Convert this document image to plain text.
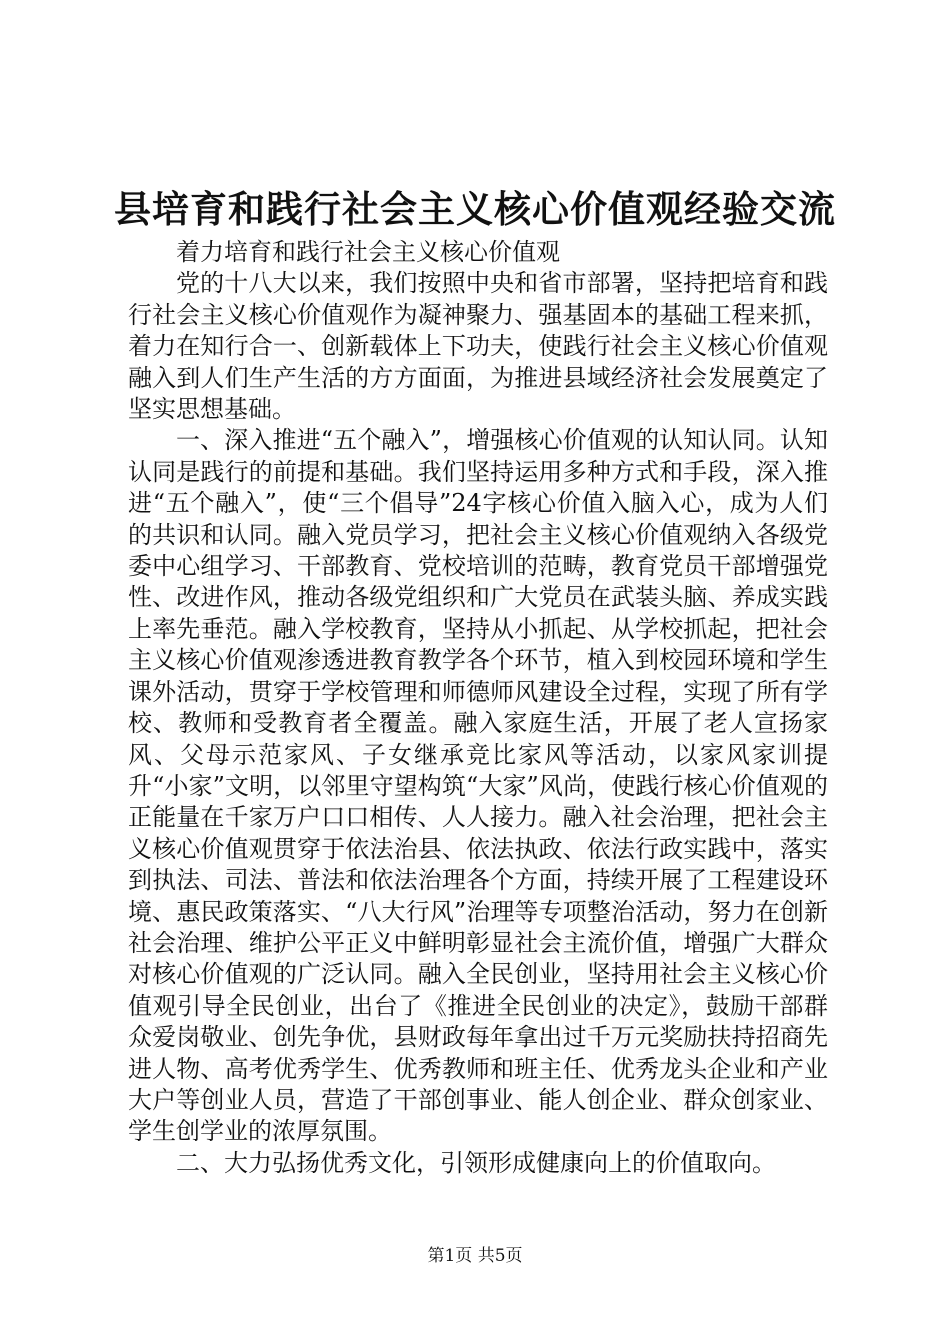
县培育和践行社会主义核心价值观经验交流

着力培育和践行社会主义核心价值观

党的十八大以来，我们按照中央和省市部署，坚持把培育和践行社会主义核心价值观作为凝神聚力、强基固本的基础工程来抓，着力在知行合一、创新载体上下功夫，使践行社会主义核心价值观融入到人们生产生活的方方面面，为推进县域经济社会发展奠定了坚实思想基础。

一、深入推进“五个融入”，增强核心价值观的认知认同。认知认同是践行的前提和基础。我们坚持运用多种方式和手段，深入推进“五个融入”，使“三个倡导”24字核心价值入脑入心，成为人们的共识和认同。融入党员学习，把社会主义核心价值观纳入各级党委中心组学习、干部教育、党校培训的范畴，教育党员干部增强党性、改进作风，推动各级党组织和广大党员在武装头脑、养成实践上率先垂范。融入学校教育，坚持从小抓起、从学校抓起，把社会主义核心价值观渗透进教育教学各个环节，植入到校园环境和学生课外活动，贯穿于学校管理和师德师风建设全过程，实现了所有学校、教师和受教育者全覆盖。融入家庭生活，开展了老人宣扬家风、父母示范家风、子女继承竞比家风等活动，以家风家训提升“小家”文明，以邻里守望构筑“大家”风尚，使践行核心价值观的正能量在千家万户口口相传、人人接力。融入社会治理，把社会主义核心价值观贯穿于依法治县、依法执政、依法行政实践中，落实到执法、司法、普法和依法治理各个方面，持续开展了工程建设环境、惠民政策落实、“八大行风”治理等专项整治活动，努力在创新社会治理、维护公平正义中鲜明彰显社会主流价值，增强广大群众对核心价值观的广泛认同。融入全民创业，坚持用社会主义核心价值观引导全民创业，出台了《推进全民创业的决定》，鼓励干部群众爱岗敬业、创先争优，县财政每年拿出过千万元奖励扶持招商先进人物、高考优秀学生、优秀教师和班主任、优秀龙头企业和产业大户等创业人员，营造了干部创事业、能人创企业、群众创家业、学生创学业的浓厚氛围。

二、大力弘扬优秀文化，引领形成健康向上的价值取向。

第1页 共5页
